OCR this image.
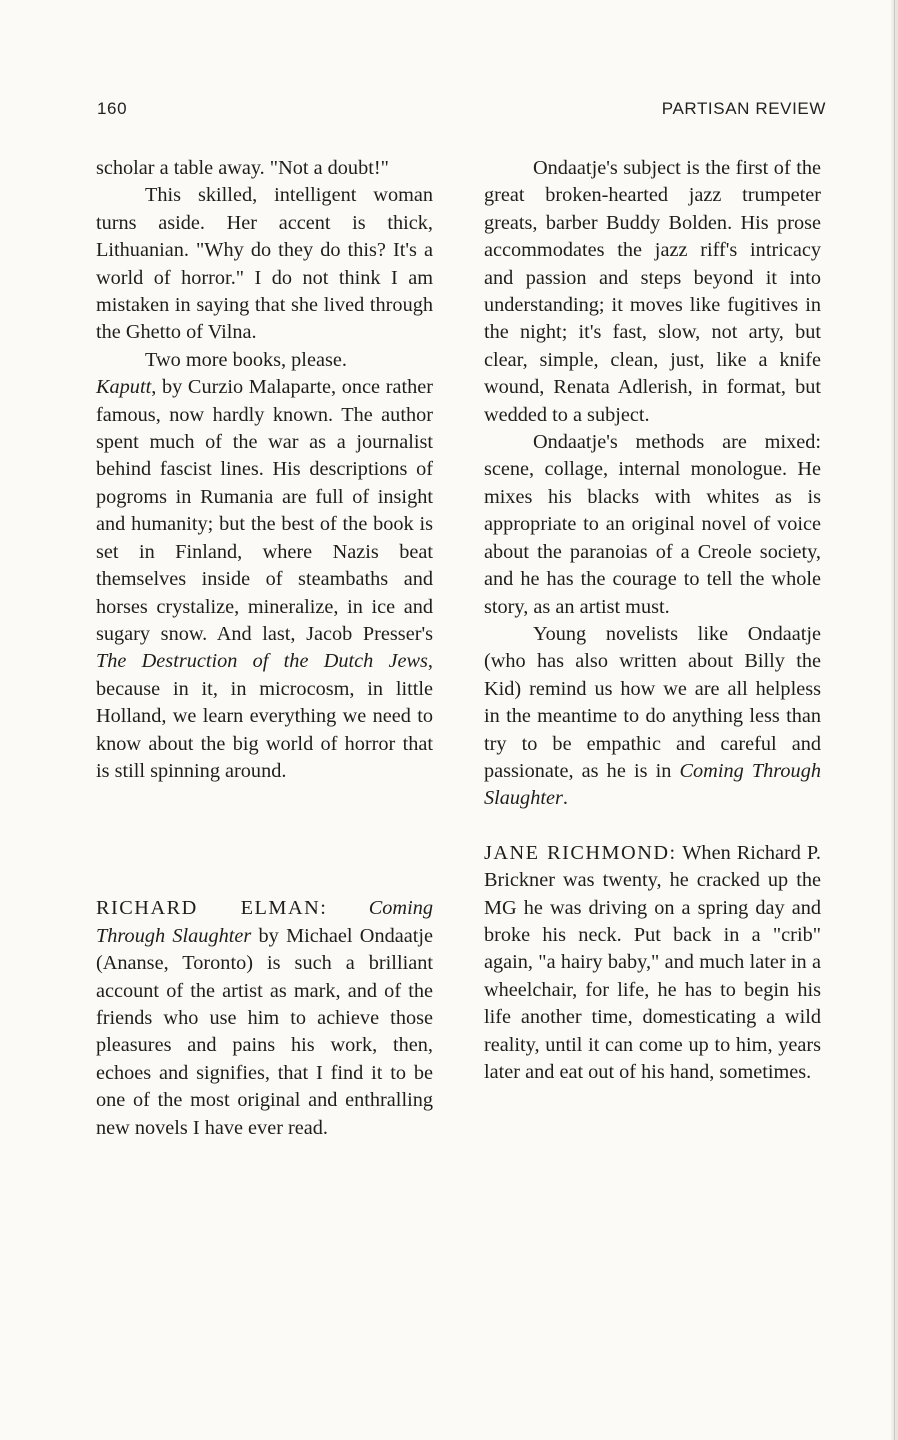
160	PARTISAN REVIEW

scholar a table away. "Not a doubt!"

This skilled, intelligent woman turns aside. Her accent is thick, Lithuanian. "Why do they do this? It's a world of horror." I do not think I am mistaken in saying that she lived through the Ghetto of Vilna.

Two more books, please.
Kaputt, by Curzio Malaparte, once rather famous, now hardly known. The author spent much of the war as a journalist behind fascist lines. His descriptions of pogroms in Rumania are full of insight and humanity; but the best of the book is set in Finland, where Nazis beat themselves inside of steambaths and horses crystalize, mineralize, in ice and sugary snow. And last, Jacob Presser's The Destruction of the Dutch Jews, because in it, in microcosm, in little Holland, we learn everything we need to know about the big world of horror that is still spinning around.

RICHARD ELMAN: Coming Through Slaughter by Michael Ondaatje (Ananse, Toronto) is such a brilliant account of the artist as mark, and of the friends who use him to achieve those pleasures and pains his work, then, echoes and signifies, that I find it to be one of the most original and enthralling new novels I have ever read.

Ondaatje's subject is the first of the great broken-hearted jazz trumpeter greats, barber Buddy Bolden. His prose accommodates the jazz riff's intricacy and passion and steps beyond it into understanding; it moves like fugitives in the night; it's fast, slow, not arty, but clear, simple, clean, just, like a knife wound, Renata Adlerish, in format, but wedded to a subject.

Ondaatje's methods are mixed: scene, collage, internal monologue. He mixes his blacks with whites as is appropriate to an original novel of voice about the paranoias of a Creole society, and he has the courage to tell the whole story, as an artist must.

Young novelists like Ondaatje (who has also written about Billy the Kid) remind us how we are all helpless in the meantime to do anything less than try to be empathic and careful and passionate, as he is in Coming Through Slaughter.

JANE RICHMOND: When Richard P. Brickner was twenty, he cracked up the MG he was driving on a spring day and broke his neck. Put back in a "crib" again, "a hairy baby," and much later in a wheelchair, for life, he has to begin his life another time, domesticating a wild reality, until it can come up to him, years later and eat out of his hand, sometimes.
